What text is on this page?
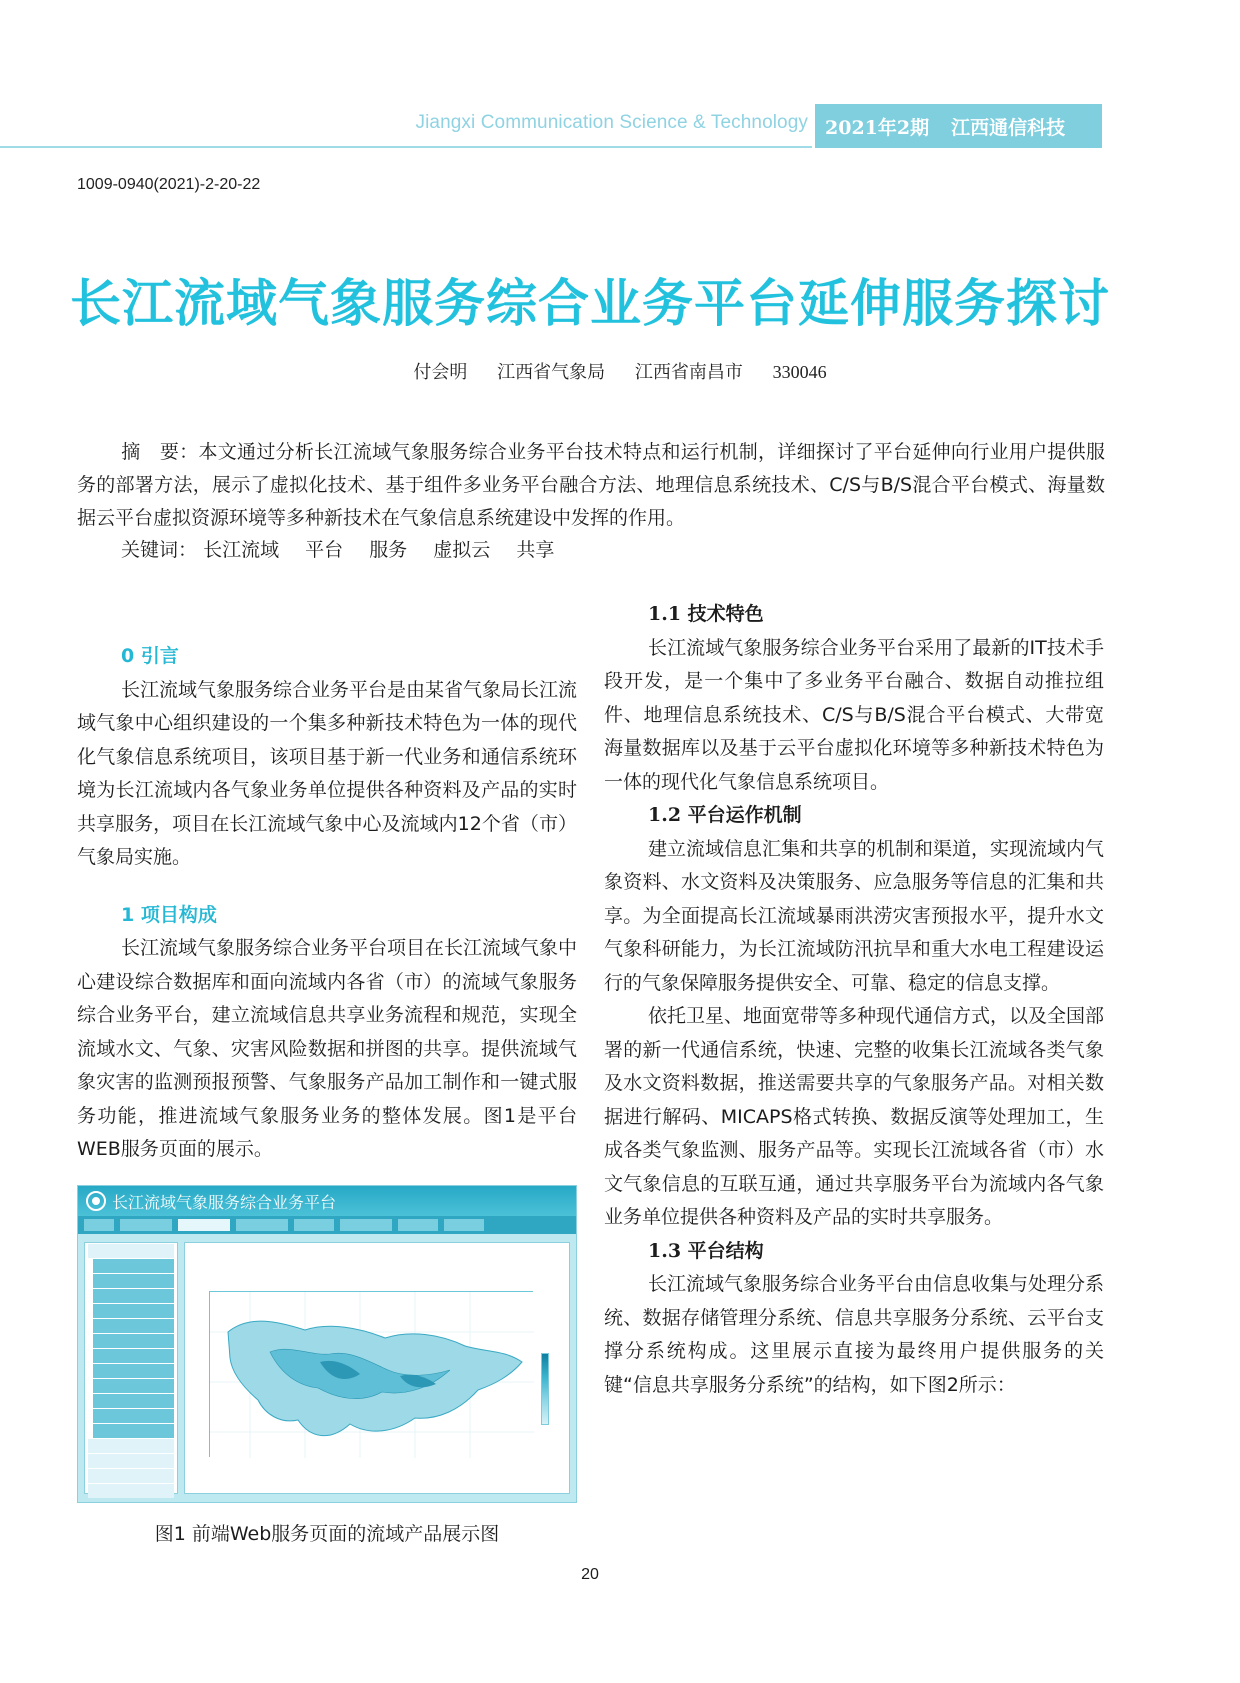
Jiangxi Communication Science & Technology 2021年2期 江西通信科技
1009-0940(2021)-2-20-22
长江流域气象服务综合业务平台延伸服务探讨
付会明 江西省气象局 江西省南昌市 330046
摘　要：本文通过分析长江流域气象服务综合业务平台技术特点和运行机制，详细探讨了平台延伸向行业用户提供服务的部署方法，展示了虚拟化技术、基于组件多业务平台融合方法、地理信息系统技术、C/S与B/S混合平台模式、海量数据云平台虚拟资源环境等多种新技术在气象信息系统建设中发挥的作用。
关键词： 长江流域 平台 服务 虚拟云 共享
0 引言

长江流域气象服务综合业务平台是由某省气象局长江流域气象中心组织建设的一个集多种新技术特色为一体的现代化气象信息系统项目，该项目基于新一代业务和通信系统环境为长江流域内各气象业务单位提供各种资料及产品的实时共享服务，项目在长江流域气象中心及流域内12个省（市）气象局实施。

1 项目构成

长江流域气象服务综合业务平台项目在长江流域气象中心建设综合数据库和面向流域内各省（市）的流域气象服务综合业务平台，建立流域信息共享业务流程和规范，实现全流域水文、气象、灾害风险数据和拼图的共享。提供流域气象灾害的监测预报预警、气象服务产品加工制作和一键式服务功能，推进流域气象服务业务的整体发展。图1是平台WEB服务页面的展示。

长江流域气象服务综合业务平台
图1 前端Web服务页面的流域产品展示图
1.1 技术特色

长江流域气象服务综合业务平台采用了最新的IT技术手段开发，是一个集中了多业务平台融合、数据自动推拉组件、地理信息系统技术、C/S与B/S混合平台模式、大带宽海量数据库以及基于云平台虚拟化环境等多种新技术特色为一体的现代化气象信息系统项目。

1.2 平台运作机制

建立流域信息汇集和共享的机制和渠道，实现流域内气象资料、水文资料及决策服务、应急服务等信息的汇集和共享。为全面提高长江流域暴雨洪涝灾害预报水平，提升水文气象科研能力，为长江流域防汛抗旱和重大水电工程建设运行的气象保障服务提供安全、可靠、稳定的信息支撑。

依托卫星、地面宽带等多种现代通信方式，以及全国部署的新一代通信系统，快速、完整的收集长江流域各类气象及水文资料数据，推送需要共享的气象服务产品。对相关数据进行解码、MICAPS格式转换、数据反演等处理加工，生成各类气象监测、服务产品等。实现长江流域各省（市）水文气象信息的互联互通，通过共享服务平台为流域内各气象业务单位提供各种资料及产品的实时共享服务。

1.3 平台结构

长江流域气象服务综合业务平台由信息收集与处理分系统、数据存储管理分系统、信息共享服务分系统、云平台支撑分系统构成。这里展示直接为最终用户提供服务的关键“信息共享服务分系统”的结构，如下图2所示：

20
